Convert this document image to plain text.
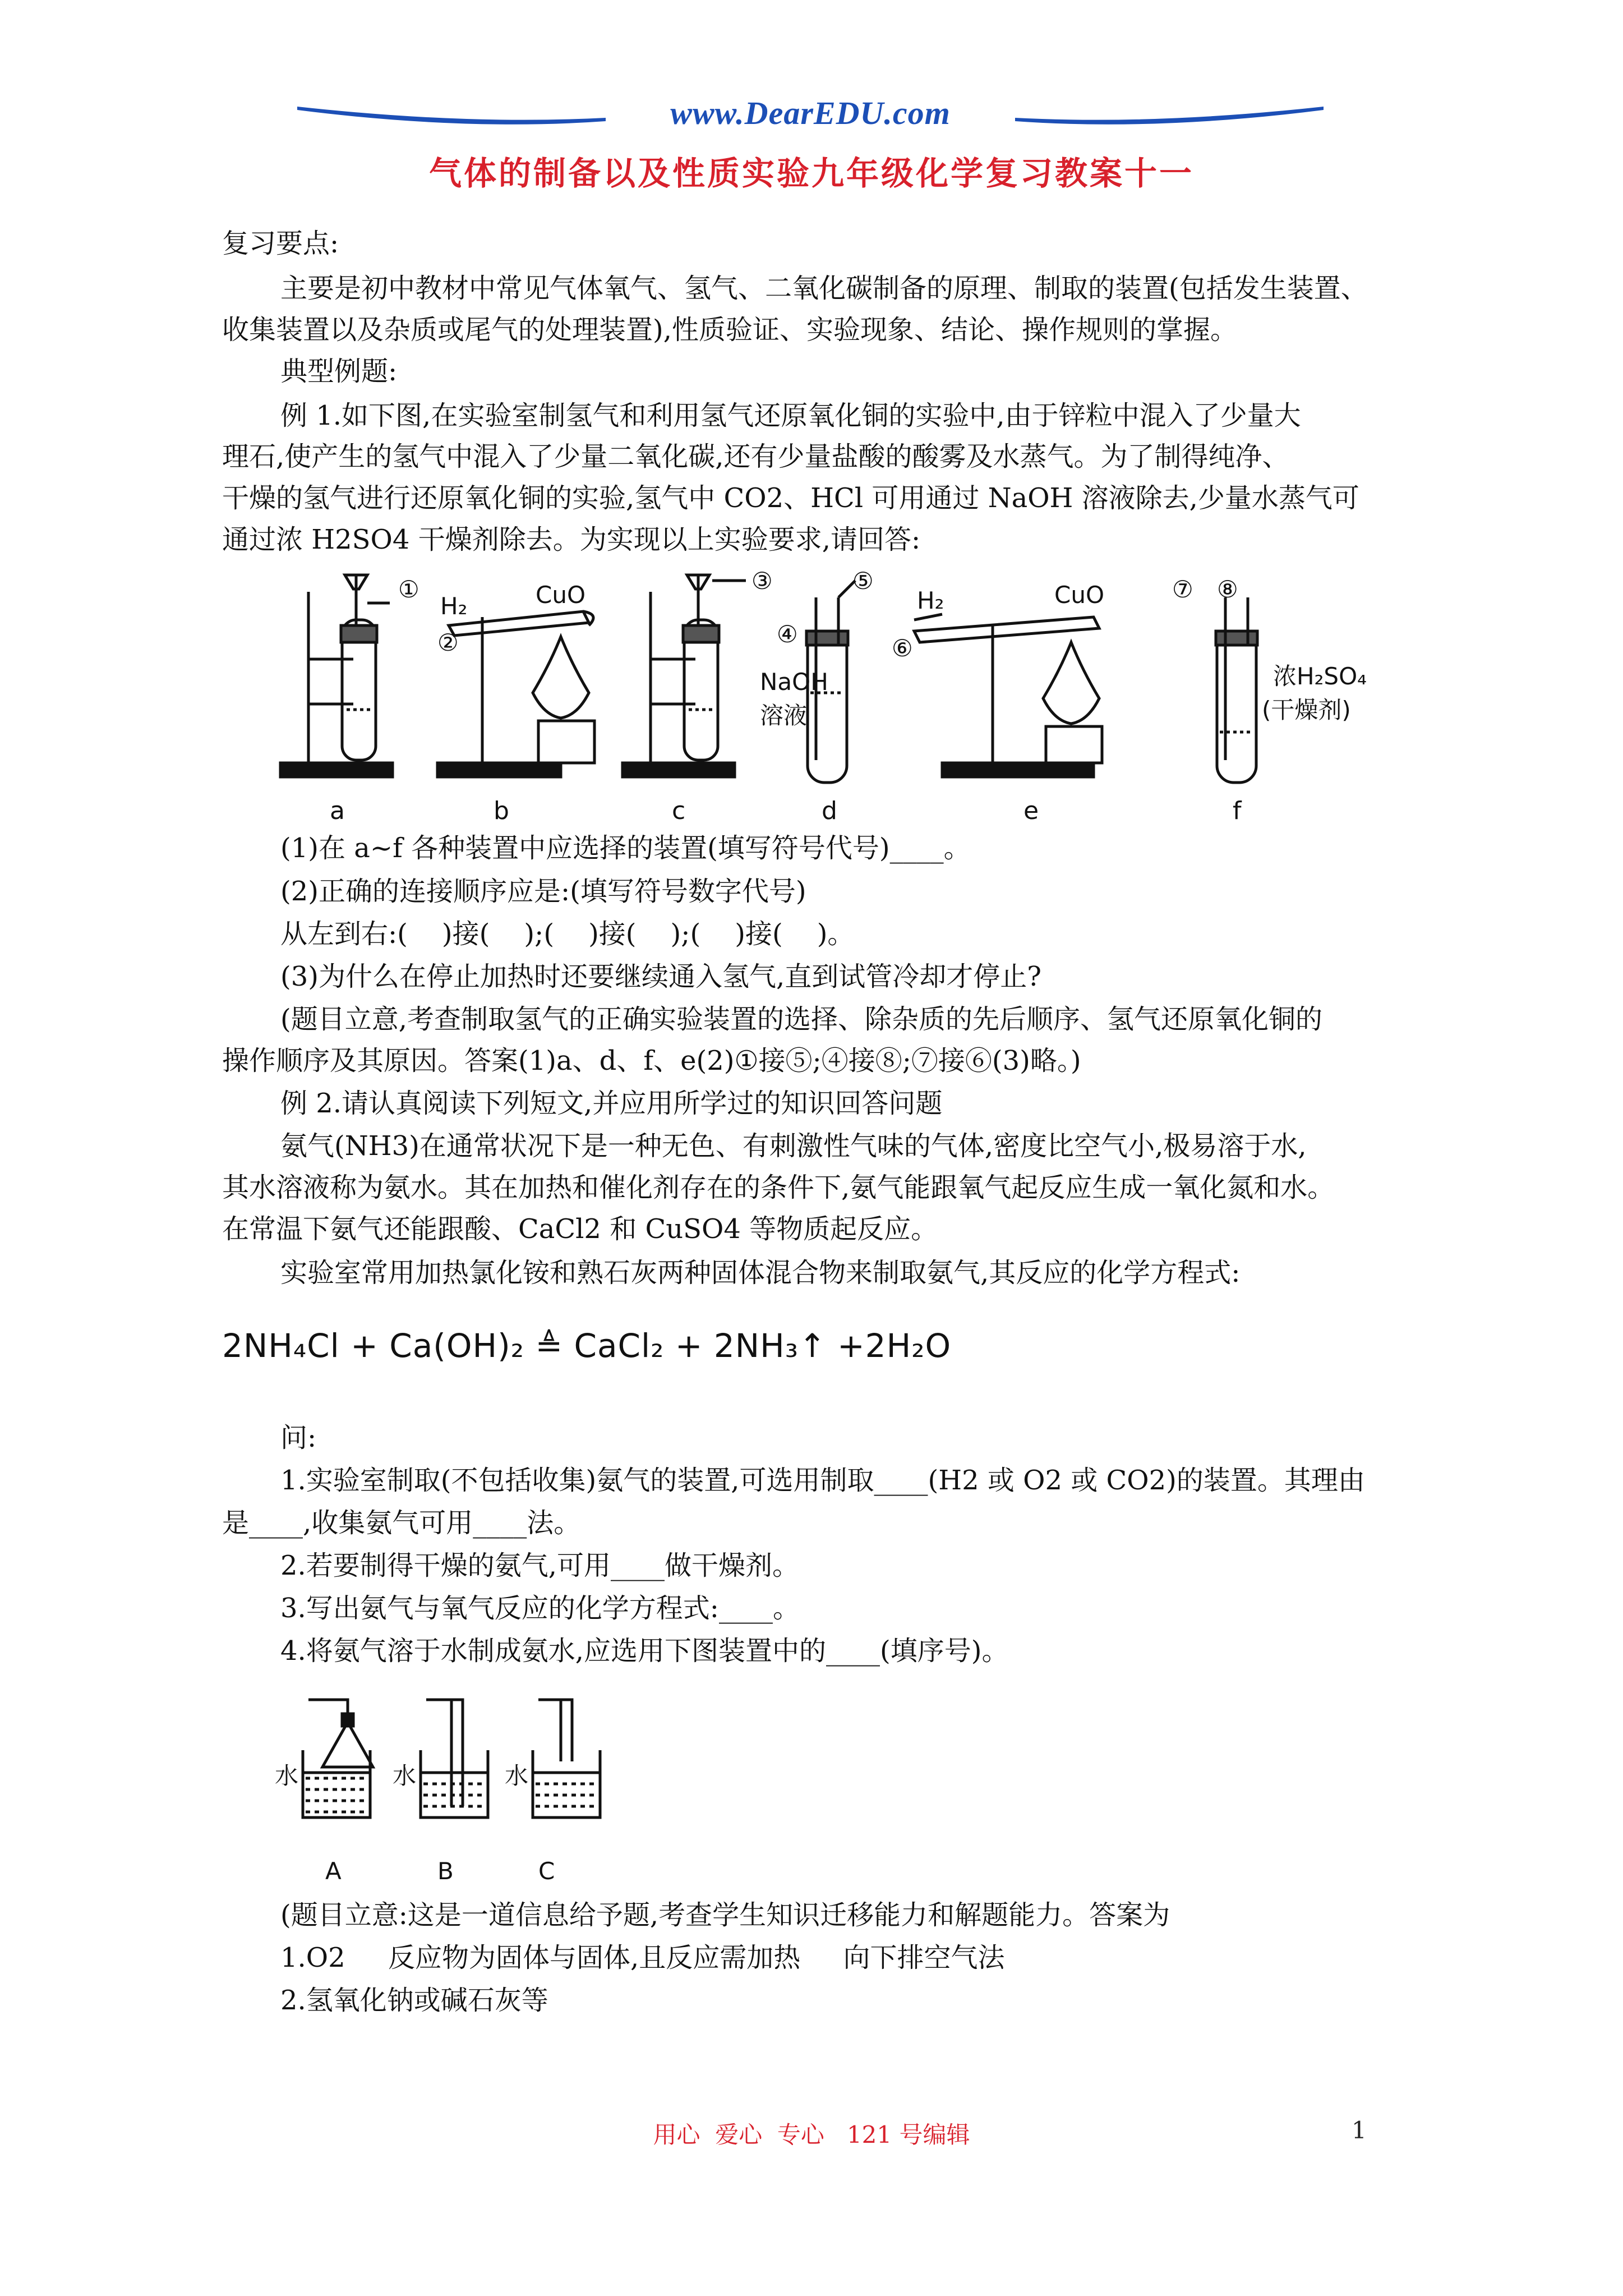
www.DearEDU.com
气体的制备以及性质实验九年级化学复习教案十一
复习要点:
主要是初中教材中常见气体氧气、氢气、二氧化碳制备的原理、制取的装置(包括发生装置、
收集装置以及杂质或尾气的处理装置),性质验证、实验现象、结论、操作规则的掌握。
典型例题:
例 1.如下图,在实验室制氢气和利用氢气还原氧化铜的实验中,由于锌粒中混入了少量大
理石,使产生的氢气中混入了少量二氧化碳,还有少量盐酸的酸雾及水蒸气。为了制得纯净、
干燥的氢气进行还原氧化铜的实验,氢气中 CO2、HCl 可用通过 NaOH 溶液除去,少量水蒸气可
通过浓 H2SO4 干燥剂除去。为实现以上实验要求,请回答:
①
H₂
②
CuO
③
④
⑤
NaOH
溶液
H₂
⑥
CuO	⑦ ⑧
浓H₂SO₄
(干燥剂)
a	b	c	d	e	f
(1)在 a~f 各种装置中应选择的装置(填写符号代号)____。
(2)正确的连接顺序应是:(填写符号数字代号)
从左到右:(    )接(    );(    )接(    );(    )接(    )。
(3)为什么在停止加热时还要继续通入氢气,直到试管冷却才停止?
(题目立意,考查制取氢气的正确实验装置的选择、除杂质的先后顺序、氢气还原氧化铜的
操作顺序及其原因。答案(1)a、d、f、e(2)①接⑤;④接⑧;⑦接⑥(3)略。)
例 2.请认真阅读下列短文,并应用所学过的知识回答问题
氨气(NH3)在通常状况下是一种无色、有刺激性气味的气体,密度比空气小,极易溶于水,
其水溶液称为氨水。其在加热和催化剂存在的条件下,氨气能跟氧气起反应生成一氧化氮和水。
在常温下氨气还能跟酸、CaCl2 和 CuSO4 等物质起反应。
实验室常用加热氯化铵和熟石灰两种固体混合物来制取氨气,其反应的化学方程式:
2NH₄Cl + Ca(OH)₂ ≜ CaCl₂ + 2NH₃↑ +2H₂O
问:
1.实验室制取(不包括收集)氨气的装置,可选用制取____(H2 或 O2 或 CO2)的装置。其理由
是____,收集氨气可用____法。
2.若要制得干燥的氨气,可用____做干燥剂。
3.写出氨气与氧气反应的化学方程式:____。
4.将氨气溶于水制成氨水,应选用下图装置中的____(填序号)。
水	水	水
A	B	C
(题目立意:这是一道信息给予题,考查学生知识迁移能力和解题能力。答案为
1.O2     反应物为固体与固体,且反应需加热     向下排空气法
2.氢氧化钠或碱石灰等
用心  爱心  专心   121 号编辑	1
